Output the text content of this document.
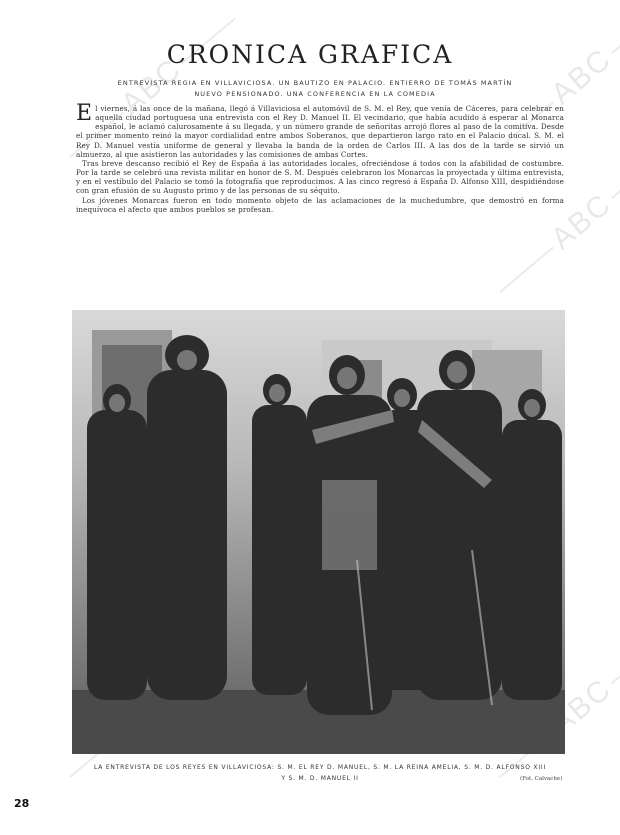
ABC	ABC
ABC
ABC
CRONICA GRAFICA
ENTREVISTA REGIA EN VILLAVICIOSA. UN BAUTIZO EN PALACIO. ENTIERRO DE TOMÁS MARTÍN
NUEVO PENSIONADO. UNA CONFERENCIA EN LA COMEDIA

El viernes, á las once de la mañana, llegó á Villaviciosa el automóvil de S. M. el Rey, que venía de Cáceres, para celebrar en aquella ciudad portuguesa una entrevista con el Rey D. Manuel II. El vecindario, que había acudido á esperar al Monarca español, le aclamó calurosamente á su llegada, y un número grande de señoritas arrojó flores al paso de la comitiva. Desde el primer momento reinó la mayor cordialidad entre ambos Soberanos, que departieron largo rato en el Palacio ducal. S. M. el Rey D. Manuel vestía uniforme de general y llevaba la banda de la orden de Carlos III. A las dos de la tarde se sirvió un almuerzo, al que asistieron las autoridades y las comisiones de ambas Cortes.

Tras breve descanso recibió el Rey de España á las autoridades locales, ofreciéndose á todos con la afabilidad de costumbre. Por la tarde se celebró una revista militar en honor de S. M. Después celebraron los Monarcas la proyectada y última entrevista, y en el vestíbulo del Palacio se tomó la fotografía que reproducimos. A las cinco regresó á España D. Alfonso XIII, despidiéndose con gran efusión de su Augusto primo y de las personas de su séquito.

Los jóvenes Monarcas fueron en todo momento objeto de las aclamaciones de la muchedumbre, que demostró en forma inequívoca el afecto que ambos pueblos se profesan.

LA ENTREVISTA DE LOS REYES EN VILLAVICIOSA: S. M. EL REY D. MANUEL, S. M. LA REINA AMELIA, S. M. D. ALFONSO XIII
Y S. M. D. MANUEL II	(Fot. Calvache)
28
